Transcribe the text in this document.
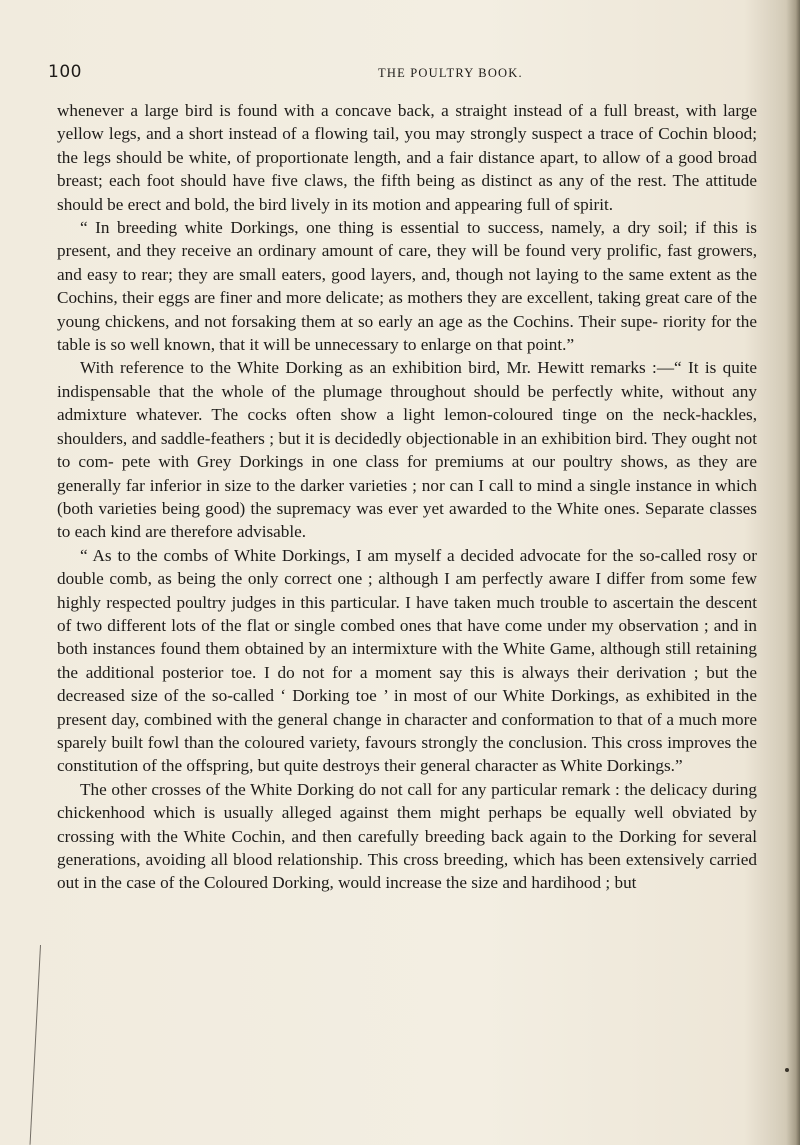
100	THE POULTRY BOOK.

whenever a large bird is found with a concave back, a straight instead of a full breast, with large yellow legs, and a short instead of a flowing tail, you may strongly suspect a trace of Cochin blood; the legs should be white, of proportionate length, and a fair distance apart, to allow of a good broad breast; each foot should have five claws, the fifth being as distinct as any of the rest. The attitude should be erect and bold, the bird lively in its motion and appearing full of spirit.

“ In breeding white Dorkings, one thing is essential to success, namely, a dry soil; if this is present, and they receive an ordinary amount of care, they will be found very prolific, fast growers, and easy to rear; they are small eaters, good layers, and, though not laying to the same extent as the Cochins, their eggs are finer and more delicate; as mothers they are excellent, taking great care of the young chickens, and not forsaking them at so early an age as the Cochins. Their supe- riority for the table is so well known, that it will be unnecessary to enlarge on that point.”

With reference to the White Dorking as an exhibition bird, Mr. Hewitt remarks :—“ It is quite indispensable that the whole of the plumage throughout should be perfectly white, without any admixture whatever. The cocks often show a light lemon-coloured tinge on the neck-hackles, shoulders, and saddle-feathers ; but it is decidedly objectionable in an exhibition bird. They ought not to com- pete with Grey Dorkings in one class for premiums at our poultry shows, as they are generally far inferior in size to the darker varieties ; nor can I call to mind a single instance in which (both varieties being good) the supremacy was ever yet awarded to the White ones. Separate classes to each kind are therefore advisable.

“ As to the combs of White Dorkings, I am myself a decided advocate for the so-called rosy or double comb, as being the only correct one ; although I am perfectly aware I differ from some few highly respected poultry judges in this particular. I have taken much trouble to ascertain the descent of two different lots of the flat or single combed ones that have come under my observation ; and in both instances found them obtained by an intermixture with the White Game, although still retaining the additional posterior toe. I do not for a moment say this is always their derivation ; but the decreased size of the so-called ‘ Dorking toe ’ in most of our White Dorkings, as exhibited in the present day, combined with the general change in character and conformation to that of a much more sparely built fowl than the coloured variety, favours strongly the conclusion. This cross improves the constitution of the offspring, but quite destroys their general character as White Dorkings.”

The other crosses of the White Dorking do not call for any particular remark : the delicacy during chickenhood which is usually alleged against them might perhaps be equally well obviated by crossing with the White Cochin, and then carefully breeding back again to the Dorking for several generations, avoiding all blood relationship. This cross breeding, which has been extensively carried out in the case of the Coloured Dorking, would increase the size and hardihood ; but
